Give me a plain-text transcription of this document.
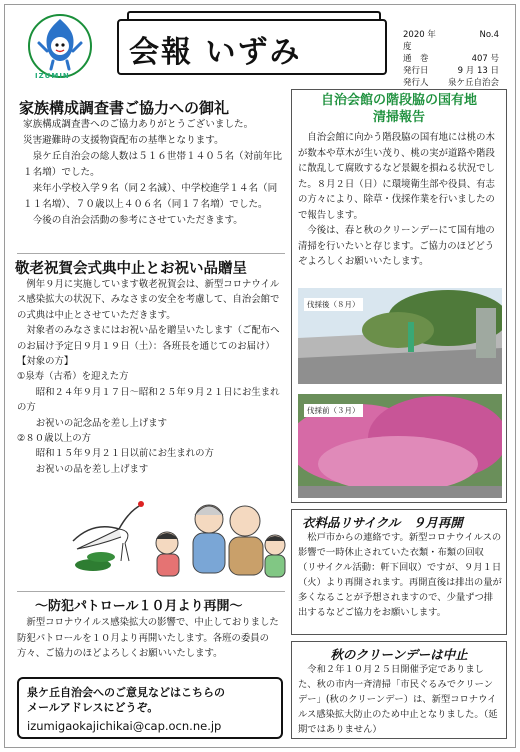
IZUMIN
会報 いずみ	2020 年度
No.4
通　巻	407 号
発行日	9 月 13 日
発行人	泉ケ丘自治会
家族構成調査書ご協力への御礼

家族構成調査書へのご協力ありがとうございました。

災害避難時の支援物資配布の基準となります。

　泉ケ丘自治会の総人数は５１６世帯１４０５名（対前年比１名増）でした。

　来年小学校入学９名（同２名減）、中学校進学１４名（同１１名増）、７０歳以上４０６名（同１７名増）でした。

　今後の自治会活動の参考にさせていただきます。

敬老祝賀会式典中止とお祝い品贈呈

　例年９月に実施しています敬老祝賀会は、新型コロナウイルス感染拡大の状況下、みなさまの安全を考慮して、自治会館での式典は中止とさせていただきます。

　対象者のみなさまにはお祝い品を贈呈いたします（ご配布へのお届け予定日９月１９日（土）：各班長を通じてのお届け）

【対象の方】

①泉寿（古希）を迎えた方

　　昭和２４年９月１７日～昭和２５年９月２１日にお生まれの方

　　お祝いの記念品を差し上げます

②８０歳以上の方

　　昭和１５年９月２１日以前にお生まれの方

　　お祝いの品を差し上げます

～防犯パトロール１０月より再開～
　新型コロナウイルス感染拡大の影響で、中止しておりました防犯パトロールを１０月より再開いたします。各班の委員の方々、ご協力のほどよろしくお願いいたします。
泉ケ丘自治会へのご意見などはこちらの
メールアドレスにどうぞ。
izumigaokajichikai@cap.ocn.ne.jp
自治会館の階段脇の国有地
清掃報告

　自治会館に向かう階段脇の国有地には桃の木が数本や草木が生い茂り、桃の実が道路や階段に散乱して腐敗するなど景観を損ねる状況でした。８月２日（日）に環境衛生部や役員、有志の方々により、除草・伐採作業を行いましたので報告します。

　今後は、春と秋のクリーンデーにて国有地の清掃を行いたいと存じます。ご協力のほどどうぞよろしくお願いいたします。

伐採後（８月）
伐採前（３月）
衣料品リサイクル　９月再開
　松戸市からの連絡です。新型コロナウイルスの影響で一時休止されていた衣類・布類の回収（リサイクル活動：軒下回収）ですが、９月１日（火）より再開されます。再開直後は排出の量が多くなることが予想されますので、少量ずつ排出するなどご協力をお願いします。
秋のクリーンデーは中止
　令和２年１０月２５日開催予定でありました、秋の市内一斉清掃「市民ぐるみでクリーンデー」(秋のクリーンデー）は、新型コロナウイルス感染拡大防止のため中止となりました。（延期ではありません）
